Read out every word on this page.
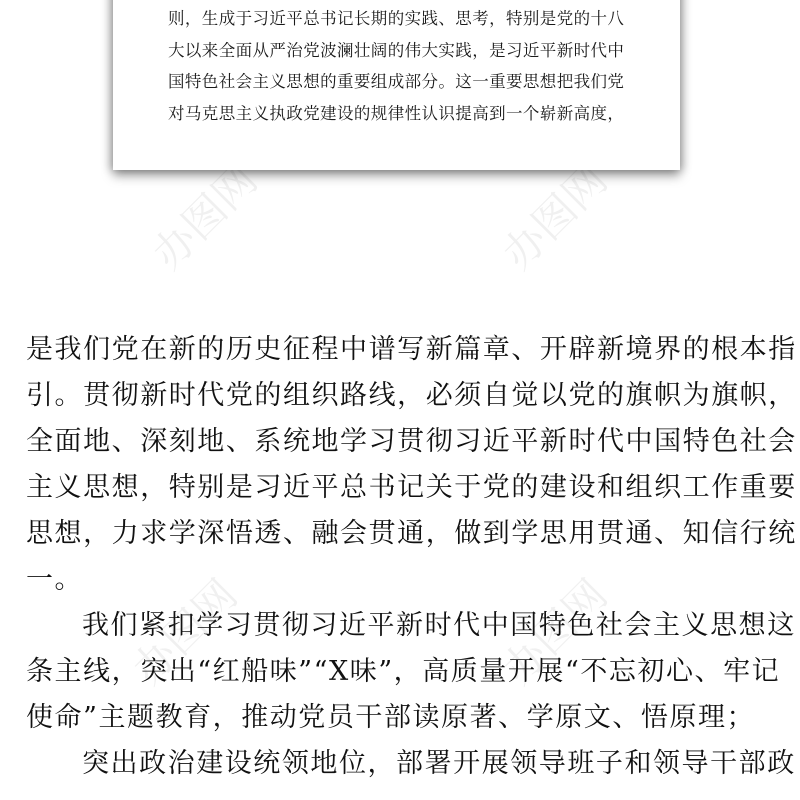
办图网	办图网
办图网	办图网
则，生成于习近平总书记长期的实践、思考，特别是党的十八
大以来全面从严治党波澜壮阔的伟大实践，是习近平新时代中
国特色社会主义思想的重要组成部分。这一重要思想把我们党
对马克思主义执政党建设的规律性认识提高到一个崭新高度，
是我们党在新的历史征程中谱写新篇章、开辟新境界的根本指
引。贯彻新时代党的组织路线，必须自觉以党的旗帜为旗帜，
全面地、深刻地、系统地学习贯彻习近平新时代中国特色社会
主义思想，特别是习近平总书记关于党的建设和组织工作重要
思想，力求学深悟透、融会贯通，做到学思用贯通、知信行统
一。
我们紧扣学习贯彻习近平新时代中国特色社会主义思想这
条主线，突出“红船味”“X味”，高质量开展“不忘初心、牢记
使命”主题教育，推动党员干部读原著、学原文、悟原理；
突出政治建设统领地位，部署开展领导班子和领导干部政
